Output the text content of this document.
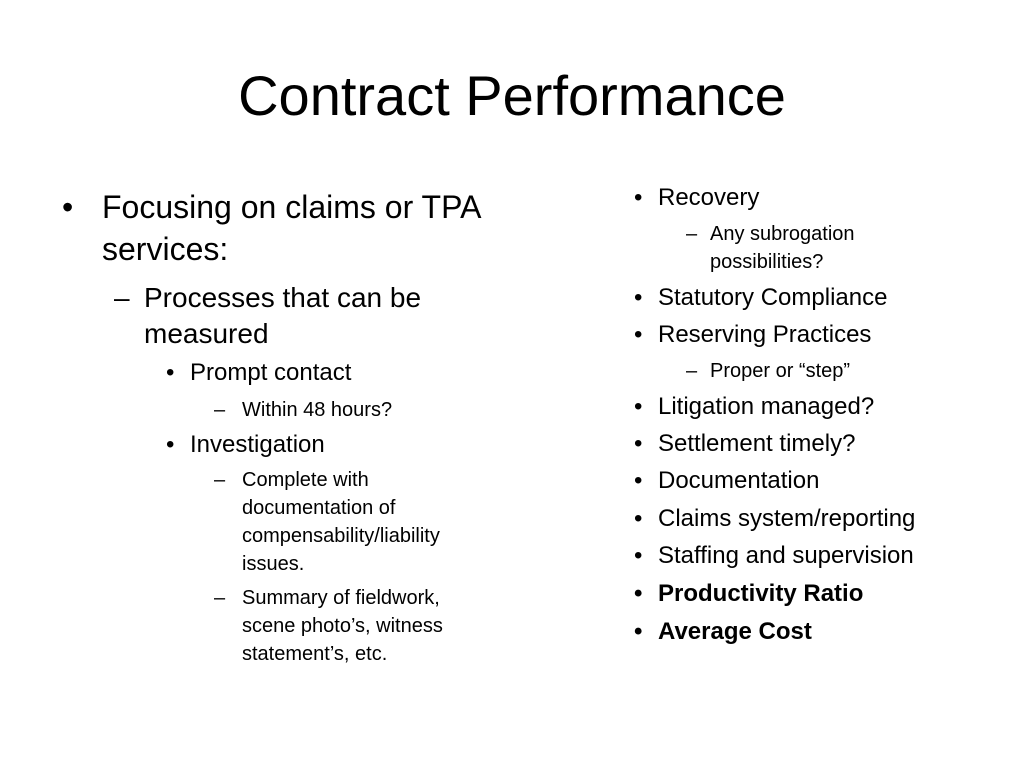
Contract Performance
• Focusing on claims or TPA services:
– Processes that can be measured
• Prompt contact
– Within 48 hours?
• Investigation
– Complete with documentation of compensability/liability issues.
– Summary of fieldwork, scene photo’s, witness statement’s, etc.
• Recovery
– Any subrogation possibilities?
• Statutory Compliance
• Reserving Practices
– Proper or “step”
• Litigation managed?
• Settlement timely?
• Documentation
• Claims system/reporting
• Staffing and supervision
• Productivity Ratio
• Average Cost
